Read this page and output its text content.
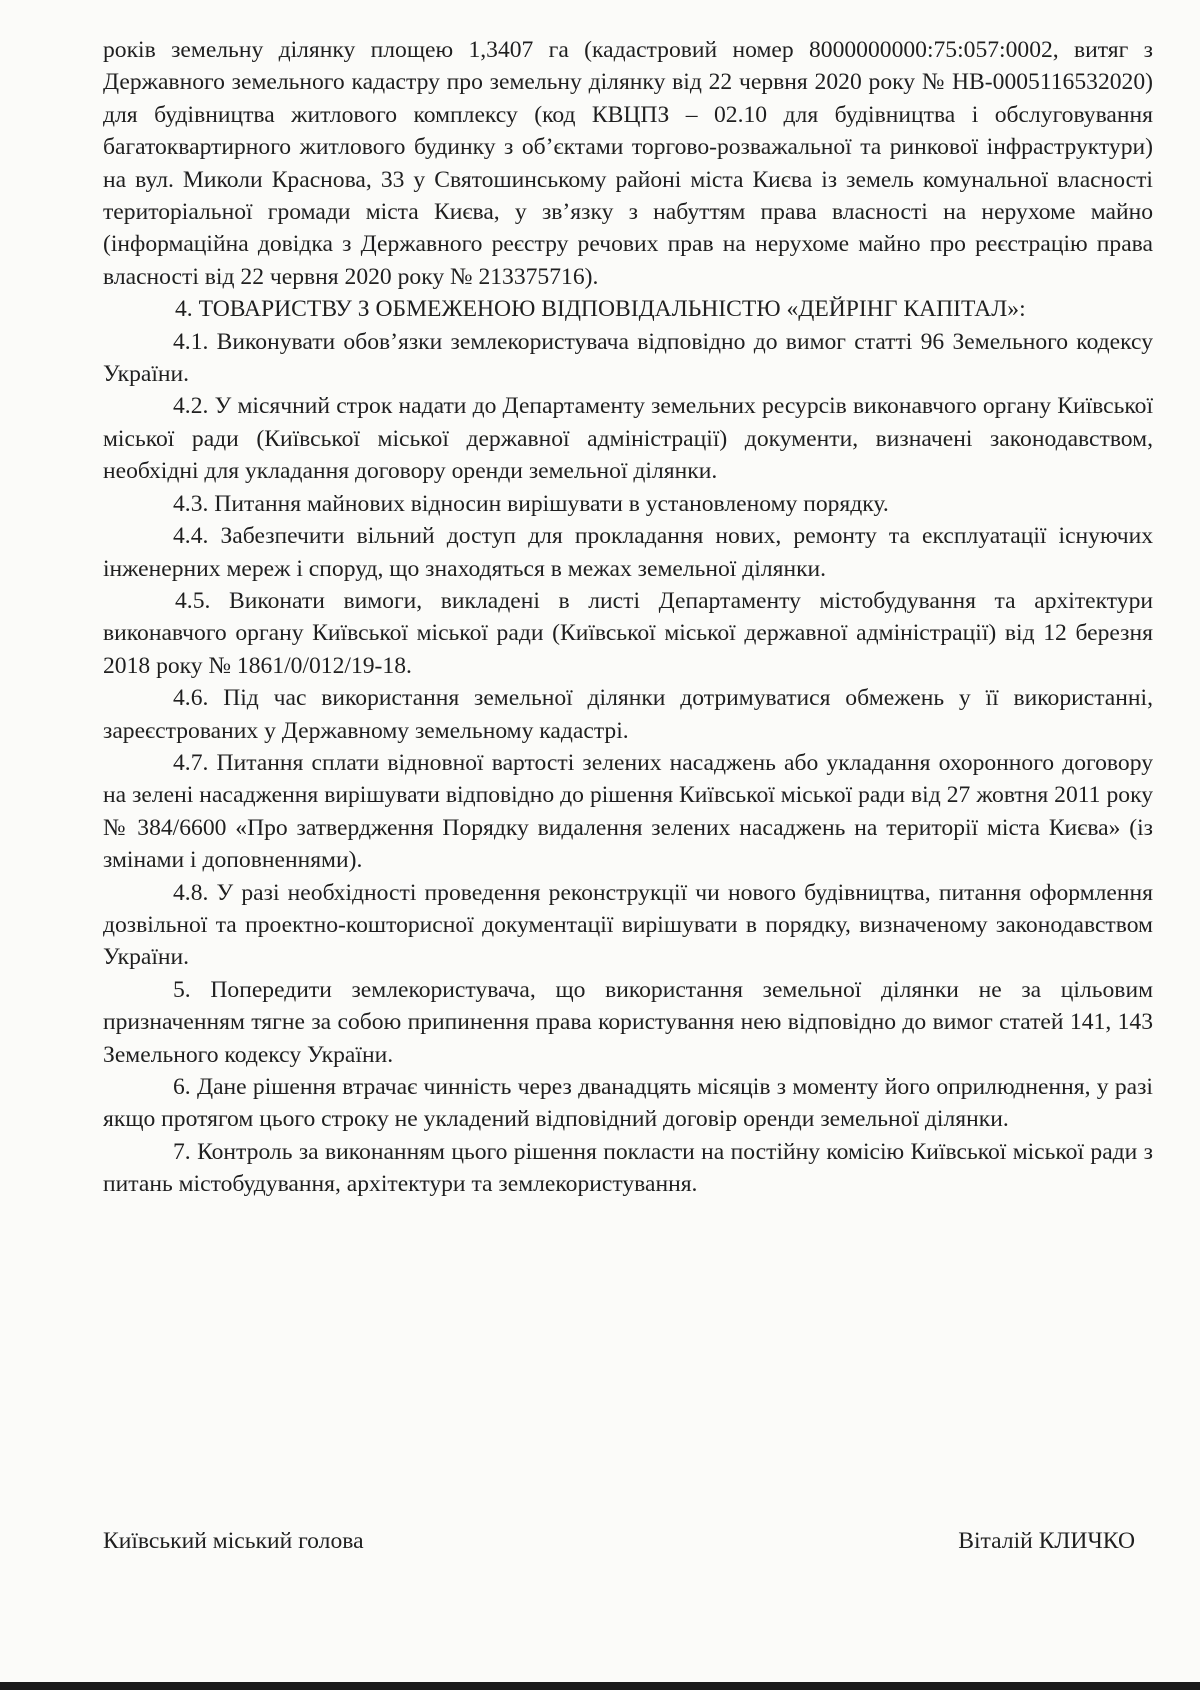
років земельну ділянку площею 1,3407 га (кадастровий номер 8000000000:75:057:0002, витяг з Державного земельного кадастру про земельну ділянку від 22 червня 2020 року № НВ-0005116532020) для будівництва житлового комплексу (код КВЦПЗ – 02.10 для будівництва і обслуговування багатоквартирного житлового будинку з об’єктами торгово-розважальної та ринкової інфраструктури) на вул. Миколи Краснова, 33 у Святошинському районі міста Києва із земель комунальної власності територіальної громади міста Києва, у зв’язку з набуттям права власності на нерухоме майно (інформаційна довідка з Державного реєстру речових прав на нерухоме майно про реєстрацію права власності від 22 червня 2020 року № 213375716).

4. ТОВАРИСТВУ З ОБМЕЖЕНОЮ ВІДПОВІДАЛЬНІСТЮ «ДЕЙРІНГ КАПІТАЛ»:

4.1. Виконувати обов’язки землекористувача відповідно до вимог статті 96 Земельного кодексу України.

4.2. У місячний строк надати до Департаменту земельних ресурсів виконавчого органу Київської міської ради (Київської міської державної адміністрації) документи, визначені законодавством, необхідні для укладання договору оренди земельної ділянки.

4.3. Питання майнових відносин вирішувати в установленому порядку.

4.4. Забезпечити вільний доступ для прокладання нових, ремонту та експлуатації існуючих інженерних мереж і споруд, що знаходяться в межах земельної ділянки.

4.5. Виконати вимоги, викладені в листі Департаменту містобудування та архітектури виконавчого органу Київської міської ради (Київської міської державної адміністрації) від 12 березня 2018 року № 1861/0/012/19-18.

4.6. Під час використання земельної ділянки дотримуватися обмежень у її використанні, зареєстрованих у Державному земельному кадастрі.

4.7. Питання сплати відновної вартості зелених насаджень або укладання охоронного договору на зелені насадження вирішувати відповідно до рішення Київської міської ради від 27 жовтня 2011 року № 384/6600 «Про затвердження Порядку видалення зелених насаджень на території міста Києва» (із змінами і доповненнями).

4.8. У разі необхідності проведення реконструкції чи нового будівництва, питання оформлення дозвільної та проектно-кошторисної документації вирішувати в порядку, визначеному законодавством України.

5. Попередити землекористувача, що використання земельної ділянки не за цільовим призначенням тягне за собою припинення права користування нею відповідно до вимог статей 141, 143 Земельного кодексу України.

6. Дане рішення втрачає чинність через дванадцять місяців з моменту його оприлюднення, у разі якщо протягом цього строку не укладений відповідний договір оренди земельної ділянки.

7. Контроль за виконанням цього рішення покласти на постійну комісію Київської міської ради з питань містобудування, архітектури та землекористування.

Київський міський голова	Віталій КЛИЧКО
